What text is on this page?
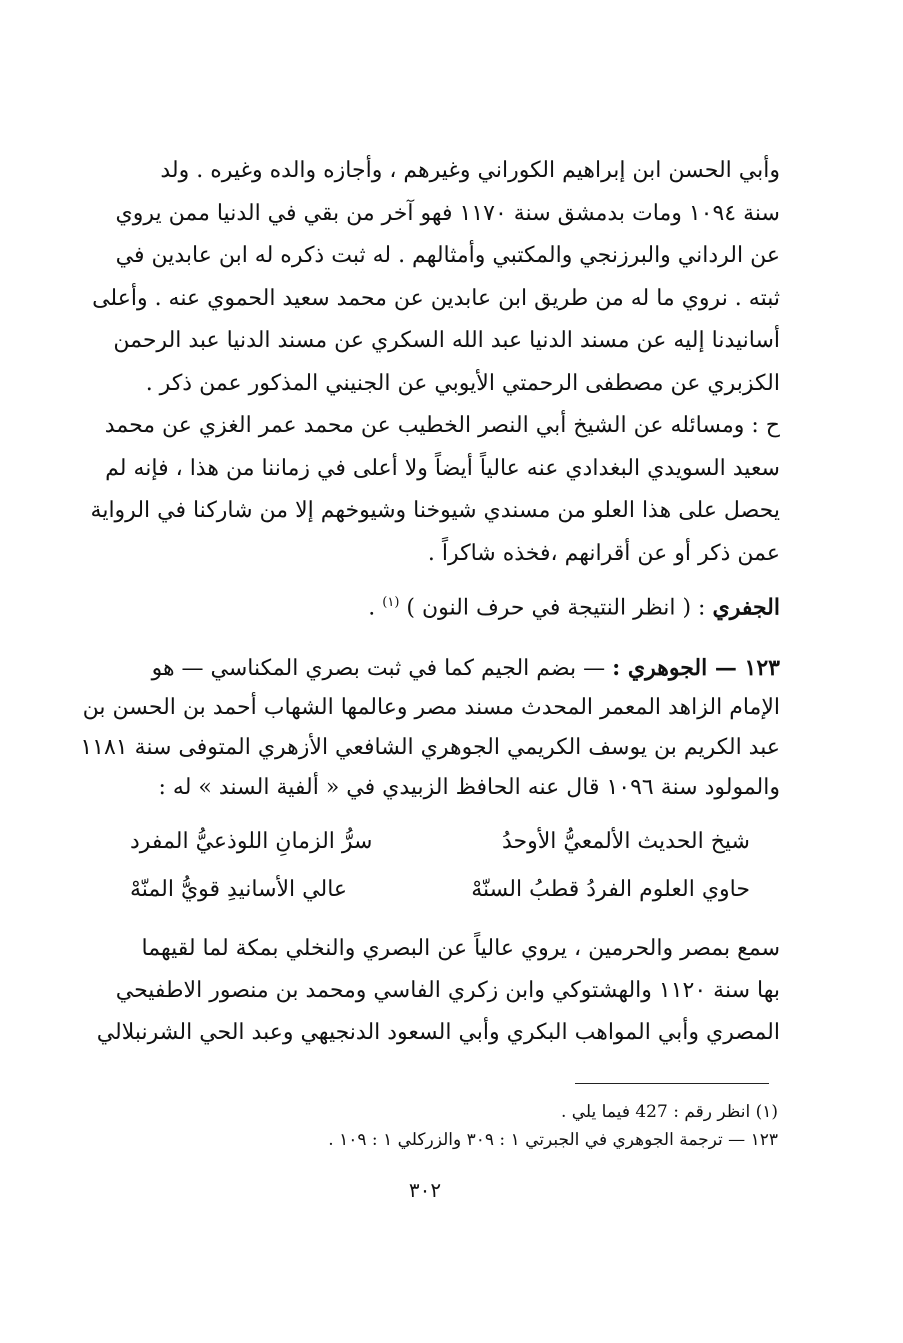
وأبي الحسن ابن إبراهيم الكوراني وغيرهم ، وأجازه والده وغيره . ولد
سنة ١٠٩٤ ومات بدمشق سنة ١١٧٠ فهو آخر من بقي في الدنيا ممن يروي
عن الرداني والبرزنجي والمكتبي وأمثالهم . له ثبت ذكره له ابن عابدين في
ثبته . نروي ما له من طريق ابن عابدين عن محمد سعيد الحموي عنه . وأعلى
أسانيدنا إليه عن مسند الدنيا عبد الله السكري عن مسند الدنيا عبد الرحمن
الكزبري عن مصطفى الرحمتي الأيوبي عن الجنيني المذكور عمن ذكر .
ح : ومسائله عن الشيخ أبي النصر الخطيب عن محمد عمر الغزي عن محمد
سعيد السويدي البغدادي عنه عالياً أيضاً ولا أعلى في زماننا من هذا ، فإنه لم
يحصل على هذا العلو من مسندي شيوخنا وشيوخهم إلا من شاركنا في الرواية
عمن ذكر أو عن أقرانهم ،فخذه شاكراً .
الجفري : ( انظر النتيجة في حرف النون ) $^{(١)}$ .
١٢٣ — الجوهري : — بضم الجيم كما في ثبت بصري المكناسي — هو
الإمام الزاهد المعمر المحدث مسند مصر وعالمها الشهاب أحمد بن الحسن بن
عبد الكريم بن يوسف الكريمي الجوهري الشافعي الأزهري المتوفى سنة ١١٨١
والمولود سنة ١٠٩٦ قال عنه الحافظ الزبيدي في « ألفية السند » له :
شيخ الحديث الألمعيُّ الأوحدُ
سرُّ الزمانِ اللوذعيُّ المفرد
حاوي العلوم الفردُ قطبُ السنّهْ
عالي الأسانيدِ قويُّ المنّهْ
سمع بمصر والحرمين ، يروي عالياً عن البصري والنخلي بمكة لما لقيهما
بها سنة ١١٢٠ والهشتوكي وابن زكري الفاسي ومحمد بن منصور الاطفيحي
المصري وأبي المواهب البكري وأبي السعود الدنجيهي وعبد الحي الشرنبلالي
(١) انظر رقم : 427 فيما يلي .
١٢٣ — ترجمة الجوهري في الجبرتي ١ : ٣٠٩ والزركلي ١ : ١٠٩ .
٣٠٢
